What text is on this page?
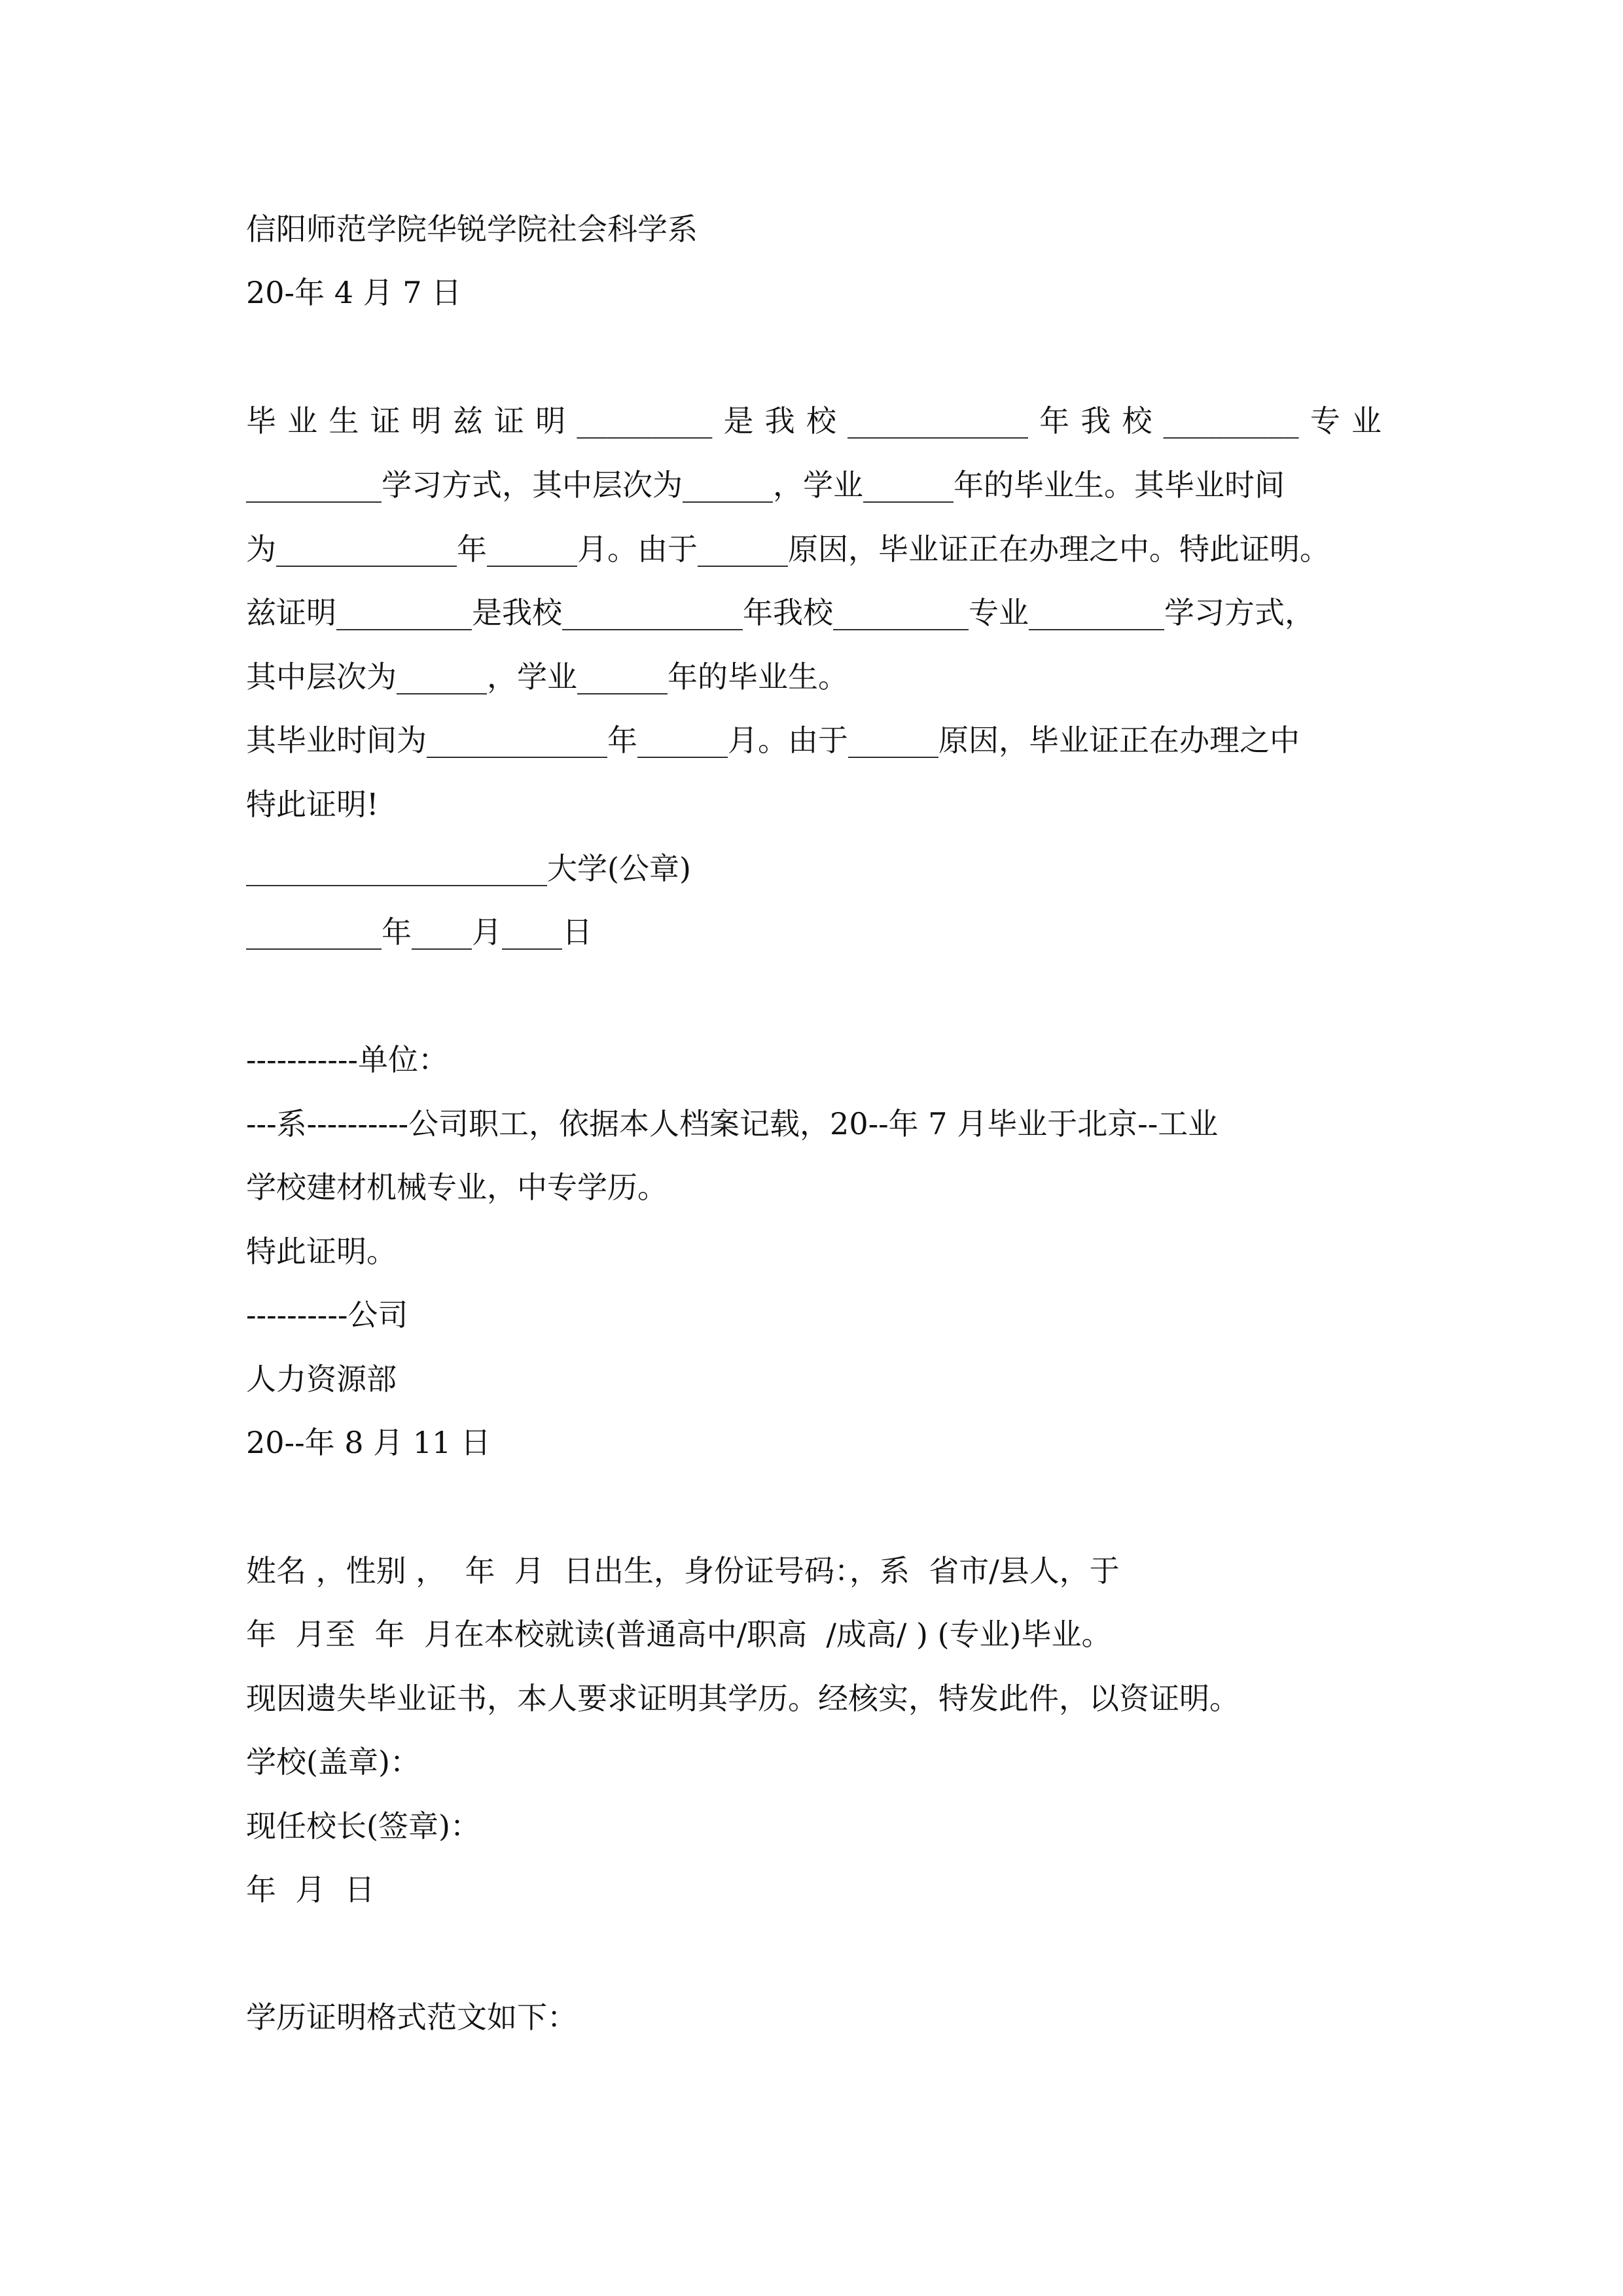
信阳师范学院华锐学院社会科学系

20-年 4 月 7 日

毕业生证明兹证明_________是我校____________年我校_________专业

_________学习方式，其中层次为______，学业______年的毕业生。其毕业时间

为____________年______月。由于______原因，毕业证正在办理之中。特此证明。

兹证明_________是我校____________年我校_________专业_________学习方式，

其中层次为______，学业______年的毕业生。

其毕业时间为____________年______月。由于______原因，毕业证正在办理之中

特此证明!

____________________大学(公章)

_________年____月____日

-----------单位：

---系----------公司职工，依据本人档案记载，20--年 7 月毕业于北京--工业

学校建材机械专业，中专学历。

特此证明。

----------公司

人力资源部

20--年 8 月 11 日

姓名 ，性别 ，  年  月  日出生，身份证号码：，系  省市/县人，于

年  月至  年  月在本校就读(普通高中/职高  /成高/ ) (专业)毕业。

现因遗失毕业证书，本人要求证明其学历。经核实，特发此件，以资证明。

学校(盖章)：

现任校长(签章)：

年  月  日

学历证明格式范文如下：
